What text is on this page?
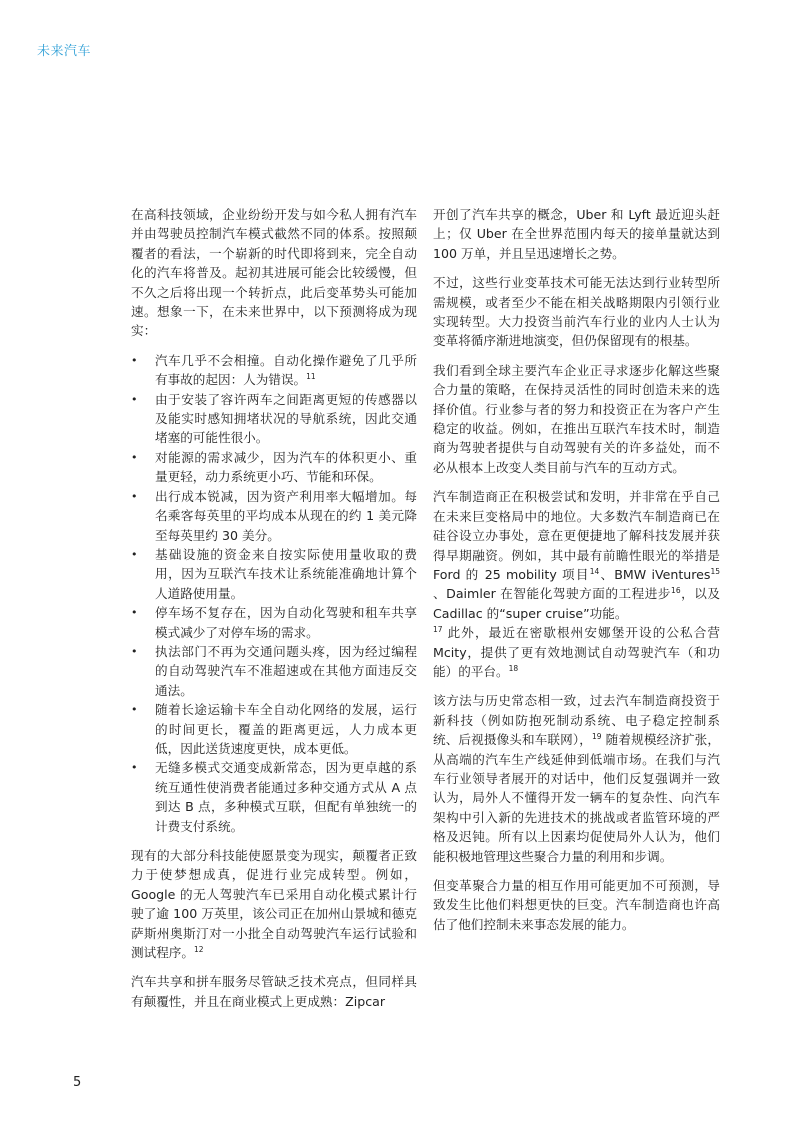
未来汽车

在高科技领域，企业纷纷开发与如今私人拥有汽车并由驾驶员控制汽车模式截然不同的体系。按照颠覆者的看法，一个崭新的时代即将到来，完全自动化的汽车将普及。起初其进展可能会比较缓慢，但不久之后将出现一个转折点，此后变革势头可能加速。想象一下，在未来世界中，以下预测将成为现实：

• 汽车几乎不会相撞。自动化操作避免了几乎所有事故的起因：人为错误。$^{11}$
• 由于安装了容许两车之间距离更短的传感器以及能实时感知拥堵状况的导航系统，因此交通堵塞的可能性很小。
• 对能源的需求减少，因为汽车的体积更小、重量更轻，动力系统更小巧、节能和环保。
• 出行成本锐减，因为资产利用率大幅增加。每名乘客每英里的平均成本从现在的约 1 美元降至每英里约 30 美分。
• 基础设施的资金来自按实际使用量收取的费用，因为互联汽车技术让系统能准确地计算个人道路使用量。
• 停车场不复存在，因为自动化驾驶和租车共享模式减少了对停车场的需求。
• 执法部门不再为交通问题头疼，因为经过编程的自动驾驶汽车不准超速或在其他方面违反交通法。
• 随着长途运输卡车全自动化网络的发展，运行的时间更长，覆盖的距离更远，人力成本更低，因此送货速度更快，成本更低。
• 无缝多模式交通变成新常态，因为更卓越的系统互通性使消费者能通过多种交通方式从 A 点到达 B 点，多种模式互联，但配有单独统一的计费支付系统。

现有的大部分科技能使愿景变为现实，颠覆者正致力于使梦想成真，促进行业完成转型。例如，Google 的无人驾驶汽车已采用自动化模式累计行驶了逾 100 万英里，该公司正在加州山景城和德克萨斯州奥斯汀对一小批全自动驾驶汽车运行试验和测试程序。$^{12}$

汽车共享和拼车服务尽管缺乏技术亮点，但同样具有颠覆性，并且在商业模式上更成熟：Zipcar

开创了汽车共享的概念，Uber 和 Lyft 最近迎头赶上；仅 Uber 在全世界范围内每天的接单量就达到 100 万单，并且呈迅速增长之势。

不过，这些行业变革技术可能无法达到行业转型所需规模，或者至少不能在相关战略期限内引领行业实现转型。大力投资当前汽车行业的业内人士认为变革将循序渐进地演变，但仍保留现有的根基。

我们看到全球主要汽车企业正寻求逐步化解这些聚合力量的策略，在保持灵活性的同时创造未来的选择价值。行业参与者的努力和投资正在为客户产生稳定的收益。例如，在推出互联汽车技术时，制造商为驾驶者提供与自动驾驶有关的许多益处，而不必从根本上改变人类目前与汽车的互动方式。

汽车制造商正在积极尝试和发明，并非常在乎自己在未来巨变格局中的地位。大多数汽车制造商已在硅谷设立办事处，意在更便捷地了解科技发展并获得早期融资。例如，其中最有前瞻性眼光的举措是 Ford 的 25 mobility 项目$^{14}$、BMW iVentures$^{15}$ 、Daimler 在智能化驾驶方面的工程进步$^{16}$，以及 Cadillac 的“super cruise”功能。
$^{17}$ 此外，最近在密歇根州安娜堡开设的公私合营 Mcity，提供了更有效地测试自动驾驶汽车（和功能）的平台。$^{18}$

该方法与历史常态相一致，过去汽车制造商投资于新科技（例如防抱死制动系统、电子稳定控制系统、后视摄像头和车联网），$^{19}$ 随着规模经济扩张，从高端的汽车生产线延伸到低端市场。在我们与汽车行业领导者展开的对话中，他们反复强调并一致认为，局外人不懂得开发一辆车的复杂性、向汽车架构中引入新的先进技术的挑战或者监管环境的严格及迟钝。所有以上因素均促使局外人认为，他们能积极地管理这些聚合力量的利用和步调。

但变革聚合力量的相互作用可能更加不可预测，导致发生比他们料想更快的巨变。汽车制造商也许高估了他们控制未来事态发展的能力。

5
